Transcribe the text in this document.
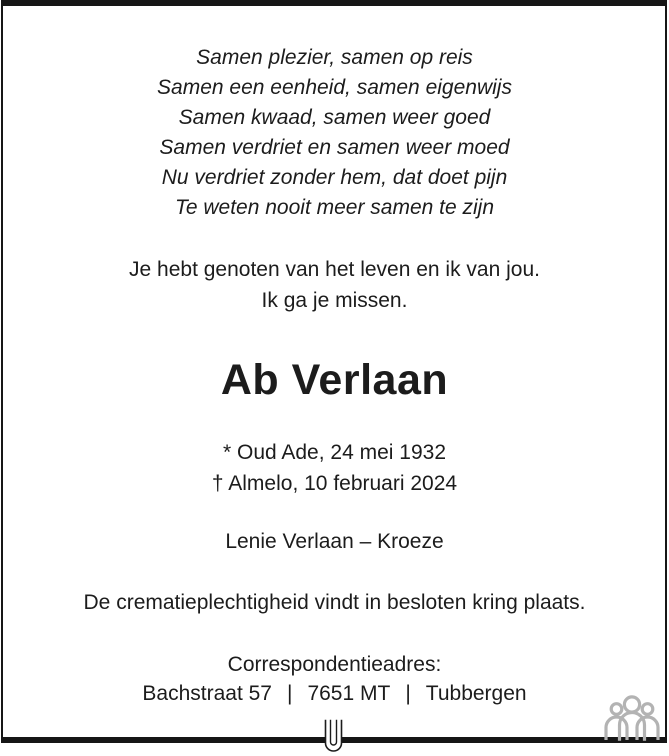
Samen plezier, samen op reis
Samen een eenheid, samen eigenwijs
Samen kwaad, samen weer goed
Samen verdriet en samen weer moed
Nu verdriet zonder hem, dat doet pijn
Te weten nooit meer samen te zijn
Je hebt genoten van het leven en ik van jou.
Ik ga je missen.
Ab Verlaan
* Oud Ade, 24 mei 1932
† Almelo, 10 februari 2024
Lenie Verlaan – Kroeze
De crematieplechtigheid vindt in besloten kring plaats.
Correspondentieadres:
Bachstraat 57 | 7651 MT | Tubbergen
